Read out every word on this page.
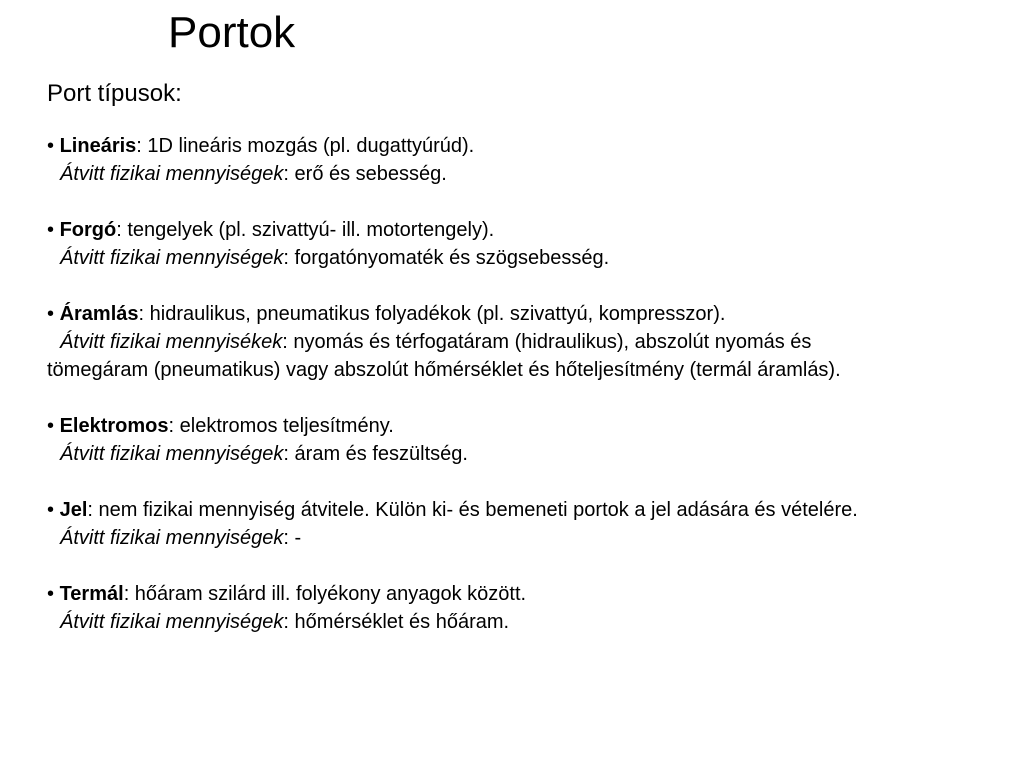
Portok

Port típusok:

• Lineáris: 1D lineáris mozgás (pl. dugattyúrúd).

Átvitt fizikai mennyiségek: erő és sebesség.

• Forgó: tengelyek (pl. szivattyú- ill. motortengely).

Átvitt fizikai mennyiségek: forgatónyomaték és szögsebesség.

• Áramlás: hidraulikus, pneumatikus folyadékok (pl. szivattyú, kompresszor).

Átvitt fizikai mennyisékek: nyomás és térfogatáram (hidraulikus), abszolút nyomás és

tömegáram (pneumatikus) vagy abszolút hőmérséklet és hőteljesítmény (termál áramlás).

• Elektromos: elektromos teljesítmény.

Átvitt fizikai mennyiségek: áram és feszültség.

• Jel: nem fizikai mennyiség átvitele. Külön ki- és bemeneti portok a jel adására és vételére.

Átvitt fizikai mennyiségek: -

• Termál: hőáram szilárd ill. folyékony anyagok között.

Átvitt fizikai mennyiségek: hőmérséklet és hőáram.
